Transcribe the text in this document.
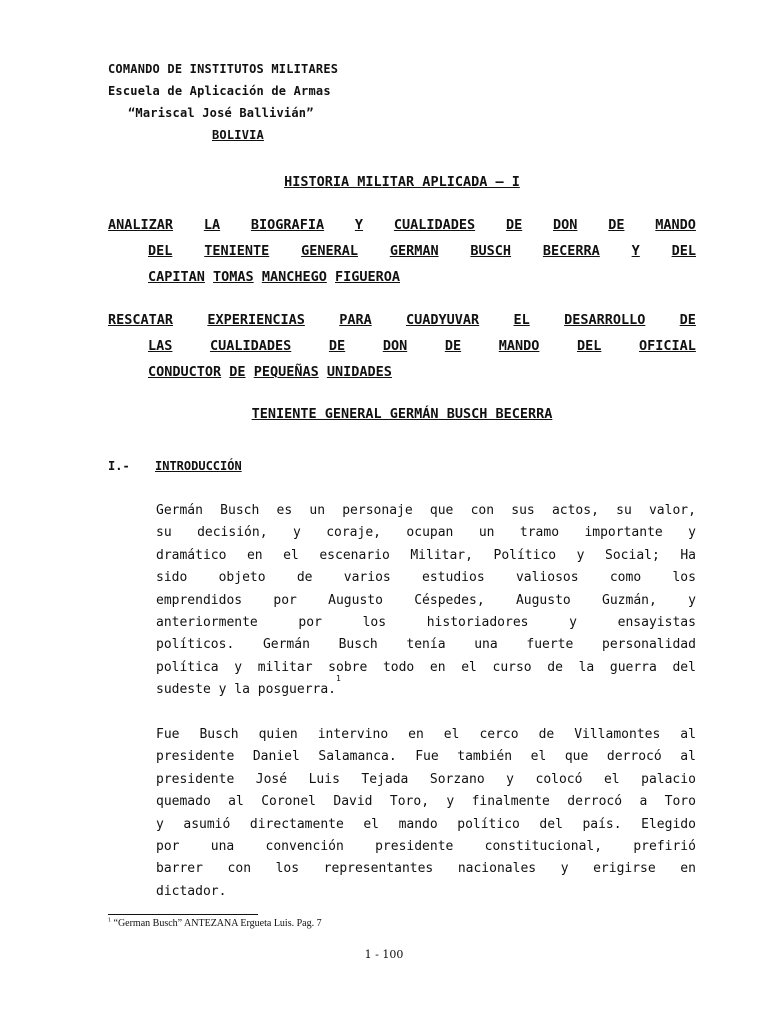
COMANDO DE INSTITUTOS MILITARES
Escuela de Aplicación de Armas
“Mariscal José Ballivián”
BOLIVIA
HISTORIA MILITAR APLICADA – I
ANALIZAR LA BIOGRAFIA Y CUALIDADES DE DON DE MANDO
DEL TENIENTE GENERAL GERMAN BUSCH BECERRA Y DEL
CAPITAN
TOMAS
MANCHEGO
FIGUEROA
RESCATAR	EXPERIENCIAS	PARA	CUADYUVAR	EL	DESARROLLO	DE
LAS	CUALIDADES	DE	DON	DE	MANDO	DEL	OFICIAL
CONDUCTOR
DE
PEQUEÑAS
UNIDADES
TENIENTE GENERAL GERMÁN BUSCH BECERRA
I.- INTRODUCCIÓN
Germán Busch es un personaje que con sus actos, su valor,
su decisión, y coraje, ocupan un tramo importante y
dramático en el escenario Militar, Político y Social; Ha
sido objeto de varios estudios valiosos como los
emprendidos por Augusto Céspedes, Augusto Guzmán, y
anteriormente	por	los	historiadores	y	ensayistas
políticos. Germán Busch tenía una fuerte personalidad
política y militar sobre todo en el curso de la guerra del
sudeste y la posguerra.
1
Fue Busch quien intervino en el cerco de Villamontes al
presidente Daniel Salamanca. Fue también el que derrocó al
presidente José Luis Tejada Sorzano y colocó el palacio
quemado al Coronel David Toro, y finalmente derrocó a Toro
y asumió directamente el mando político del país. Elegido
por una convención presidente constitucional, prefirió
barrer con los representantes nacionales y erigirse en
dictador.
$^1$ “German Busch” ANTEZANA Ergueta Luis. Pag. 7
1 - 100
